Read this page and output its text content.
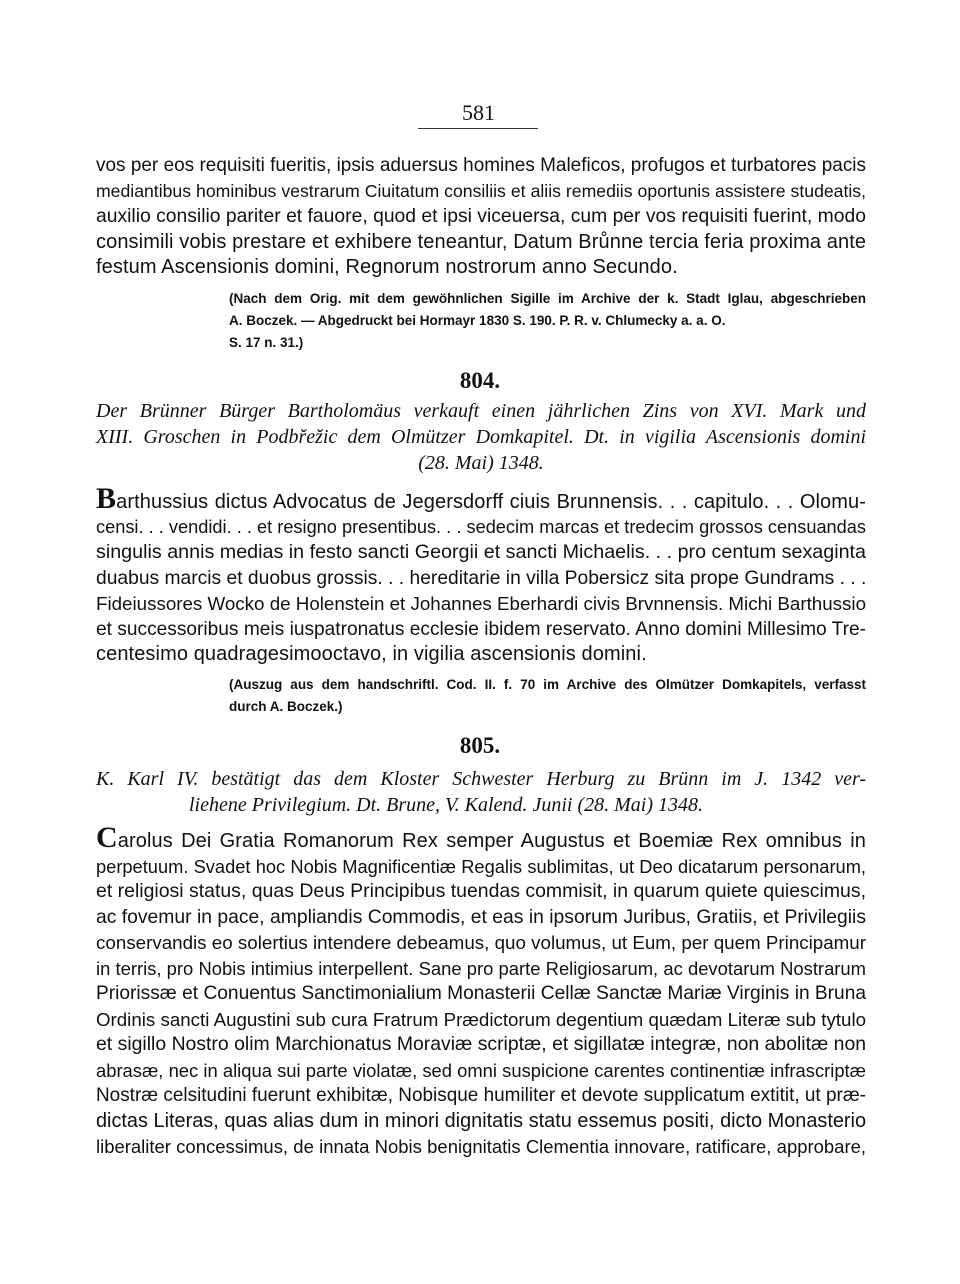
581
vos per eos requisiti fueritis, ipsis aduersus homines Maleficos, profugos et turbatores pacis
mediantibus hominibus vestrarum Ciuitatum consiliis et aliis remediis oportunis assistere studeatis,
auxilio consilio pariter et fauore, quod et ipsi viceuersa, cum per vos requisiti fuerint, modo
consimili vobis prestare et exhibere teneantur, Datum Brůnne tercia feria proxima ante
festum Ascensionis domini, Regnorum nostrorum anno Secundo.
(Nach dem Orig. mit dem gewöhnlichen Sigille im Archive der k. Stadt Iglau, abgeschrieben
A. Boczek. — Abgedruckt bei Hormayr 1830 S. 190. P. R. v. Chlumecky a. a. O.
S. 17 n. 31.)
804.
Der Brünner Bürger Bartholomäus verkauft einen jährlichen Zins von XVI. Mark und
XIII. Groschen in Podbřežic dem Olmützer Domkapitel. Dt. in vigilia Ascensionis domini
(28. Mai) 1348.
Barthussius dictus Advocatus de Jegersdorff ciuis Brunnensis. . . capitulo. . . Olomu-
censi. . . vendidi. . . et resigno presentibus. . . sedecim marcas et tredecim grossos censuandas
singulis annis medias in festo sancti Georgii et sancti Michaelis. . . pro centum sexaginta
duabus marcis et duobus grossis. . . hereditarie in villa Pobersicz sita prope Gundrams . . .
Fideiussores Wocko de Holenstein et Johannes Eberhardi civis Brvnnensis. Michi Barthussio
et successoribus meis iuspatronatus ecclesie ibidem reservato. Anno domini Millesimo Tre-
centesimo quadragesimooctavo, in vigilia ascensionis domini.
(Auszug aus dem handschriftl. Cod. II. f. 70 im Archive des Olmützer Domkapitels, verfasst
durch A. Boczek.)
805.
K. Karl IV. bestätigt das dem Kloster Schwester Herburg zu Brünn im J. 1342 ver-
liehene Privilegium. Dt. Brune, V. Kalend. Junii (28. Mai) 1348.
Carolus Dei Gratia Romanorum Rex semper Augustus et Boemiæ Rex omnibus in
perpetuum. Svadet hoc Nobis Magnificentiæ Regalis sublimitas, ut Deo dicatarum personarum,
et religiosi status, quas Deus Principibus tuendas commisit, in quarum quiete quiescimus,
ac fovemur in pace, ampliandis Commodis, et eas in ipsorum Juribus, Gratiis, et Privilegiis
conservandis eo solertius intendere debeamus, quo volumus, ut Eum, per quem Principamur
in terris, pro Nobis intimius interpellent. Sane pro parte Religiosarum, ac devotarum Nostrarum
Priorissæ et Conuentus Sanctimonialium Monasterii Cellæ Sanctæ Mariæ Virginis in Bruna
Ordinis sancti Augustini sub cura Fratrum Prædictorum degentium quædam Literæ sub tytulo
et sigillo Nostro olim Marchionatus Moraviæ scriptæ, et sigillatæ integræ, non abolitæ non
abrasæ, nec in aliqua sui parte violatæ, sed omni suspicione carentes continentiæ infrascriptæ
Nostræ celsitudini fuerunt exhibitæ, Nobisque humiliter et devote supplicatum extitit, ut præ-
dictas Literas, quas alias dum in minori dignitatis statu essemus positi, dicto Monasterio
liberaliter concessimus, de innata Nobis benignitatis Clementia innovare, ratificare, approbare,
